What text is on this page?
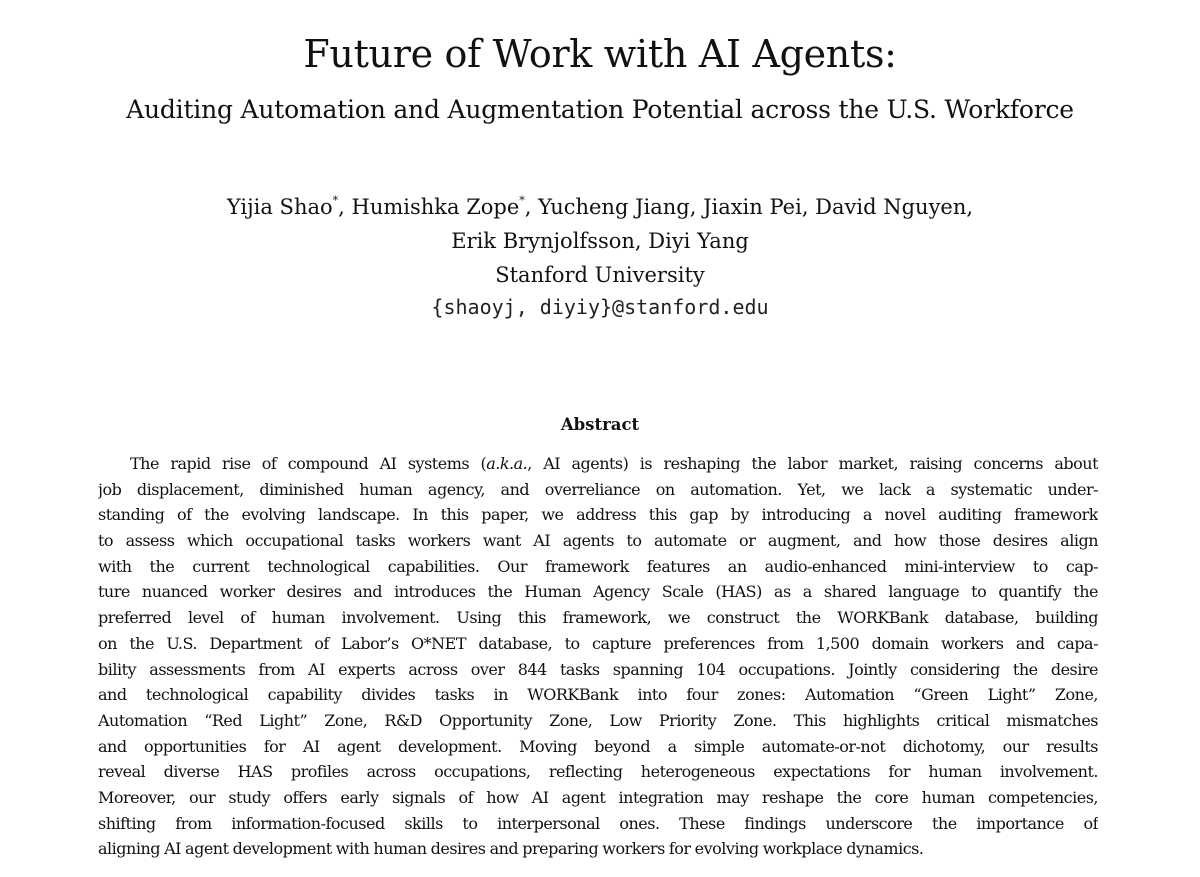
Future of Work with AI Agents:
Auditing Automation and Augmentation Potential across the U.S. Workforce
Yijia Shao*, Humishka Zope*, Yucheng Jiang, Jiaxin Pei, David Nguyen,
Erik Brynjolfsson, Diyi Yang
Stanford University
{shaoyj, diyiy}@stanford.edu
Abstract
The rapid rise of compound AI systems (a.k.a., AI agents) is reshaping the labor market, raising concerns about
job displacement, diminished human agency, and overreliance on automation. Yet, we lack a systematic under-
standing of the evolving landscape. In this paper, we address this gap by introducing a novel auditing framework
to assess which occupational tasks workers want AI agents to automate or augment, and how those desires align
with the current technological capabilities. Our framework features an audio-enhanced mini-interview to cap-
ture nuanced worker desires and introduces the Human Agency Scale (HAS) as a shared language to quantify the
preferred level of human involvement. Using this framework, we construct the WORKBank database, building
on the U.S. Department of Labor’s O*NET database, to capture preferences from 1,500 domain workers and capa-
bility assessments from AI experts across over 844 tasks spanning 104 occupations. Jointly considering the desire
and technological capability divides tasks in WORKBank into four zones: Automation “Green Light” Zone,
Automation “Red Light” Zone, R&D Opportunity Zone, Low Priority Zone. This highlights critical mismatches
and opportunities for AI agent development. Moving beyond a simple automate-or-not dichotomy, our results
reveal diverse HAS profiles across occupations, reflecting heterogeneous expectations for human involvement.
Moreover, our study offers early signals of how AI agent integration may reshape the core human competencies,
shifting from information-focused skills to interpersonal ones. These findings underscore the importance of
aligning AI agent development with human desires and preparing workers for evolving workplace dynamics.
